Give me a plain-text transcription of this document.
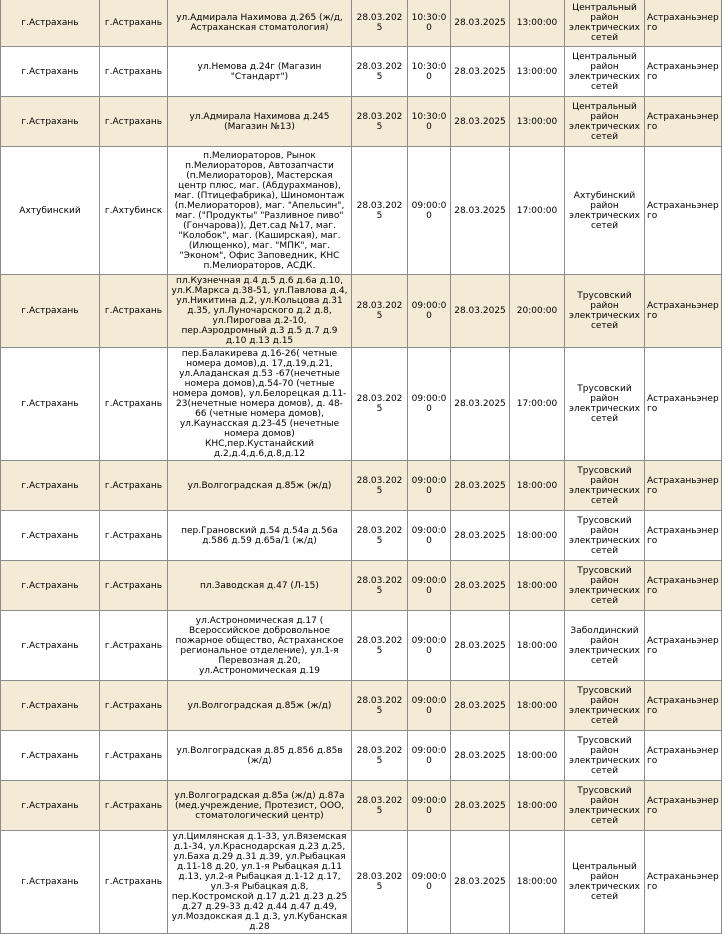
г.Астрахань	г.Астрахань	ул.Адмирала Нахимова д.265 (ж/д, Астраханская стоматология)	28.03.2025	10:30:00	28.03.2025	13:00:00	Центральный район электрических сетей	Астраханьэнерго
г.Астрахань	г.Астрахань	ул.Немова д.24г (Магазин "Стандарт")	28.03.2025	10:30:00	28.03.2025	13:00:00	Центральный район электрических сетей	Астраханьэнерго
г.Астрахань	г.Астрахань	ул.Адмирала Нахимова д.245 (Магазин №13)	28.03.2025	10:30:00	28.03.2025	13:00:00	Центральный район электрических сетей	Астраханьэнерго
Ахтубинский	г.Ахтубинск	п.Мелиораторов, Рынок п.Мелиораторов, Автозапчасти (п.Мелиораторов), Мастерская центр плюс, маг. (Абдурахманов), маг. (Птицефабрика), Шиномонтаж (п.Мелиораторов), маг. "Апельсин", маг. ("Продукты" "Разливное пиво" (Гончарова)), Дет.сад №17, маг. "Колобок", маг. (Каширская), маг. (Илющенко), маг. "МПК", маг. "Эконом", Офис Заповедник, КНС п.Мелиораторов, АСДК.	28.03.2025	09:00:00	28.03.2025	17:00:00	Ахтубинский район электрических сетей	Астраханьэнерго
г.Астрахань	г.Астрахань	пл.Кузнечная д.4 д.5 д.6 д.6а д.10, ул.К.Маркса д.38-51, ул.Павлова д.4, ул.Никитина д.2, ул.Кольцова д.31 д.35, ул.Луночарского д.2 д.8, ул.Пирогова д.2-10, пер.Аэродромный д.3 д.5 д.7 д.9 д.10 д.13 д.15	28.03.2025	09:00:00	28.03.2025	20:00:00	Трусовский район электрических сетей	Астраханьэнерго
г.Астрахань	г.Астрахань	пер.Балакирева д.16-26( четные номера домов),д. 17,д.19,д.21, ул.Аладанская д.53 -67(нечетные номера домов),д.54-70 (четные номера домов), ул.Белорецкая д.11-23(нечетные номера домов), д. 48-66 (четные номера домов), ул.Каунасская д.23-45 (нечетные номера домов) КНС,пер.Кустанайский д.2,д.4,д.6,д.8,д.12	28.03.2025	09:00:00	28.03.2025	17:00:00	Трусовский район электрических сетей	Астраханьэнерго
г.Астрахань	г.Астрахань	ул.Волгоградская д.85ж (ж/д)	28.03.2025	09:00:00	28.03.2025	18:00:00	Трусовский район электрических сетей	Астраханьэнерго
г.Астрахань	г.Астрахань	пер.Грановский д.54 д.54а д.56а д.586 д.59 д.65а/1 (ж/д)	28.03.2025	09:00:00	28.03.2025	18:00:00	Трусовский район электрических сетей	Астраханьэнерго
г.Астрахань	г.Астрахань	пл.Заводская д.47 (Л-15)	28.03.2025	09:00:00	28.03.2025	18:00:00	Трусовский район электрических сетей	Астраханьэнерго
г.Астрахань	г.Астрахань	ул.Астрономическая д.17 ( Всероссийское добровольное пожарное общество, Астраханское региональное отделение), ул.1-я Перевозная д.20, ул.Астрономическая д.19	28.03.2025	09:00:00	28.03.2025	18:00:00	Заболдинский район электрических сетей	Астраханьэнерго
г.Астрахань	г.Астрахань	ул.Волгоградская д.85ж (ж/д)	28.03.2025	09:00:00	28.03.2025	18:00:00	Трусовский район электрических сетей	Астраханьэнерго
г.Астрахань	г.Астрахань	ул.Волгоградская д.85 д.856 д.85в (ж/д)	28.03.2025	09:00:00	28.03.2025	18:00:00	Трусовский район электрических сетей	Астраханьэнерго
г.Астрахань	г.Астрахань	ул.Волгоградская д.85а (ж/д) д.87а (мед.учреждение, Протезист, ООО, стоматологический центр)	28.03.2025	09:00:00	28.03.2025	18:00:00	Трусовский район электрических сетей	Астраханьэнерго
г.Астрахань	г.Астрахань	ул.Цимлянская д.1-33, ул.Вяземская д.1-34, ул.Краснодарская д.23 д.25, ул.Баха д.29 д.31 д.39, ул.Рыбацкая д.11-18 д.20, ул.1-я Рыбацкая д.11 д.13, ул.2-я Рыбацкая д.1-12 д.17, ул.3-я Рыбацкая д.8, пер.Костромской д.17 д.21 д.23 д.25 д.27 д.29-33 д.42 д.44 д.47 д.49, ул.Моздокская д.1 д.3, ул.Кубанская д.28	28.03.2025	09:00:00	28.03.2025	18:00:00	Центральный район электрических сетей	Астраханьэнерго
